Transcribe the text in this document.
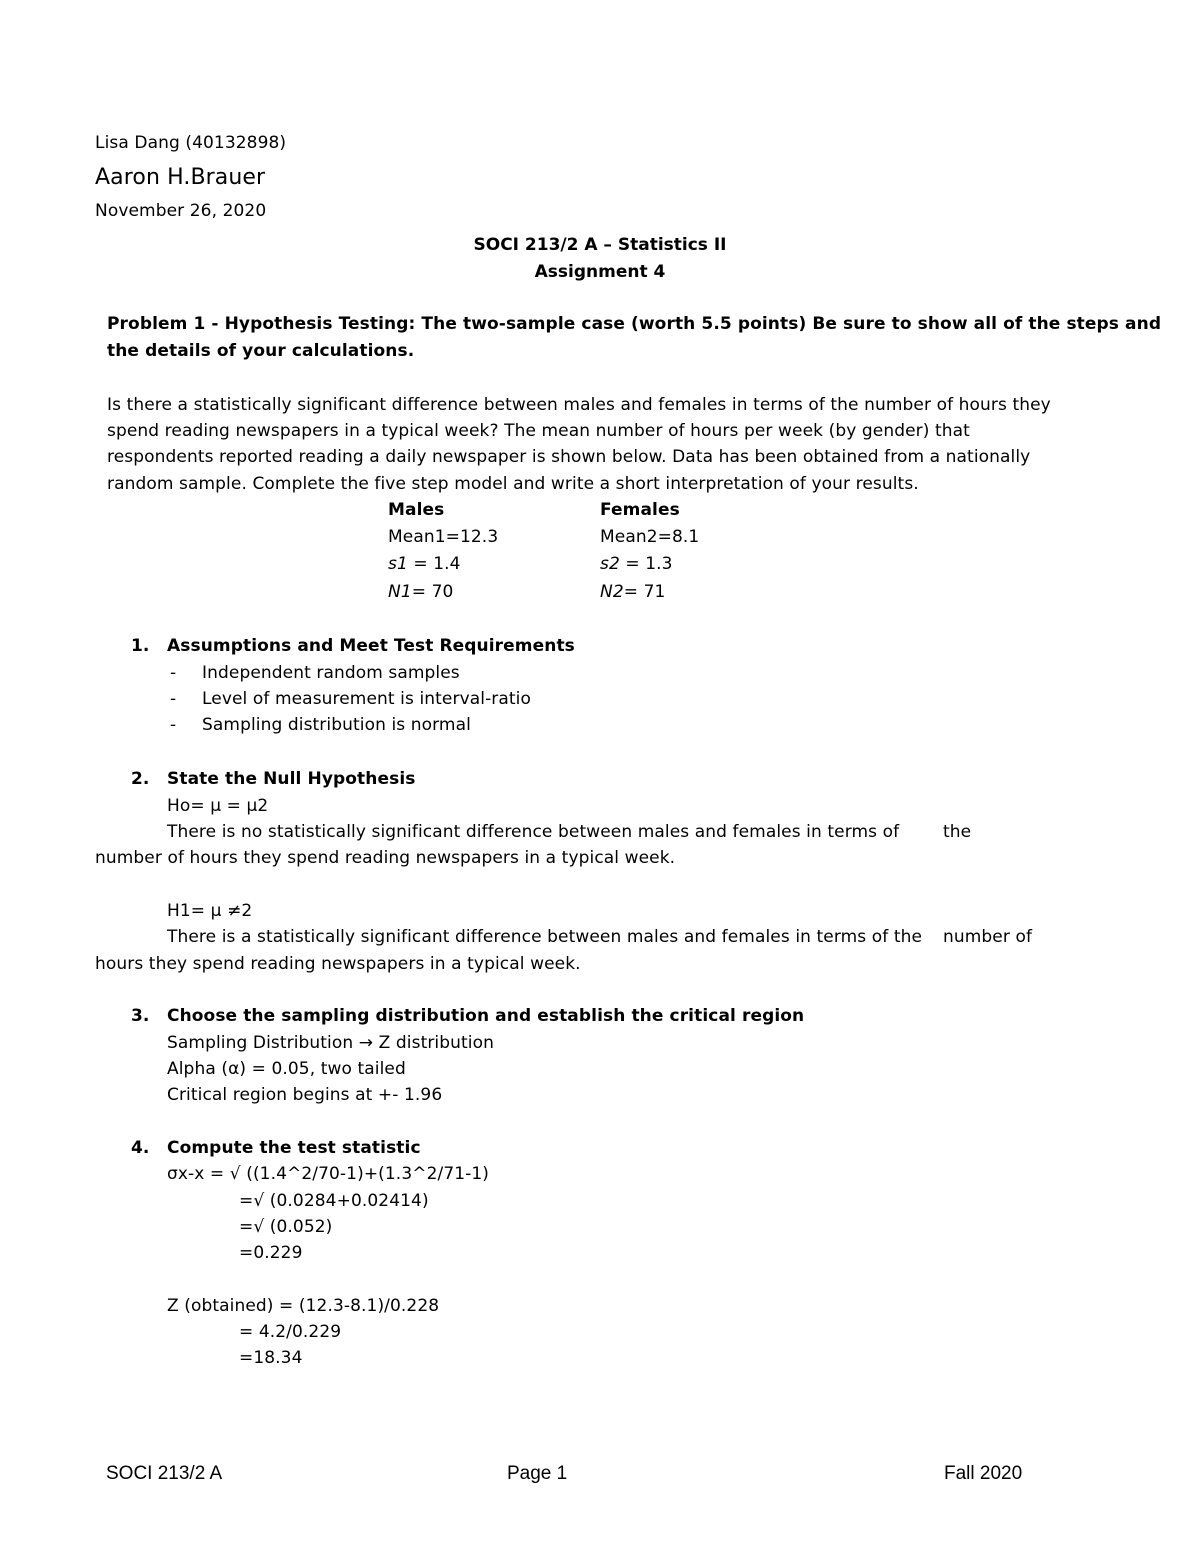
Lisa Dang (40132898)
Aaron H.Brauer
November 26, 2020
SOCI 213/2 A – Statistics II
Assignment 4
Problem 1 - Hypothesis Testing: The two-sample case (worth 5.5 points) Be sure to show all of the steps and
the details of your calculations.
Is there a statistically significant difference between males and females in terms of the number of hours they
spend reading newspapers in a typical week? The mean number of hours per week (by gender) that
respondents reported reading a daily newspaper is shown below. Data has been obtained from a nationally
random sample. Complete the five step model and write a short interpretation of your results.
Males	Females
Mean1=12.3	Mean2=8.1
s1 = 1.4	s2 = 1.3
N1= 70	N2= 71
1. Assumptions and Meet Test Requirements
- Independent random samples
- Level of measurement is interval-ratio
- Sampling distribution is normal
2. State the Null Hypothesis
Ho= μ = μ2
There is no statistically significant difference between males and females in terms of	the
number of hours they spend reading newspapers in a typical week.
H1= μ ≠2
There is a statistically significant difference between males and females in terms of the number of
hours they spend reading newspapers in a typical week.
3. Choose the sampling distribution and establish the critical region
Sampling Distribution → Z distribution
Alpha (α) = 0.05, two tailed
Critical region begins at +- 1.96
4. Compute the test statistic
σx-x = √ ((1.4^2/70-1)+(1.3^2/71-1)
=√ (0.0284+0.02414)
=√ (0.052)
=0.229
Z (obtained) = (12.3-8.1)/0.228
= 4.2/0.229
=18.34
SOCI 213/2 A	Page 1	Fall 2020
